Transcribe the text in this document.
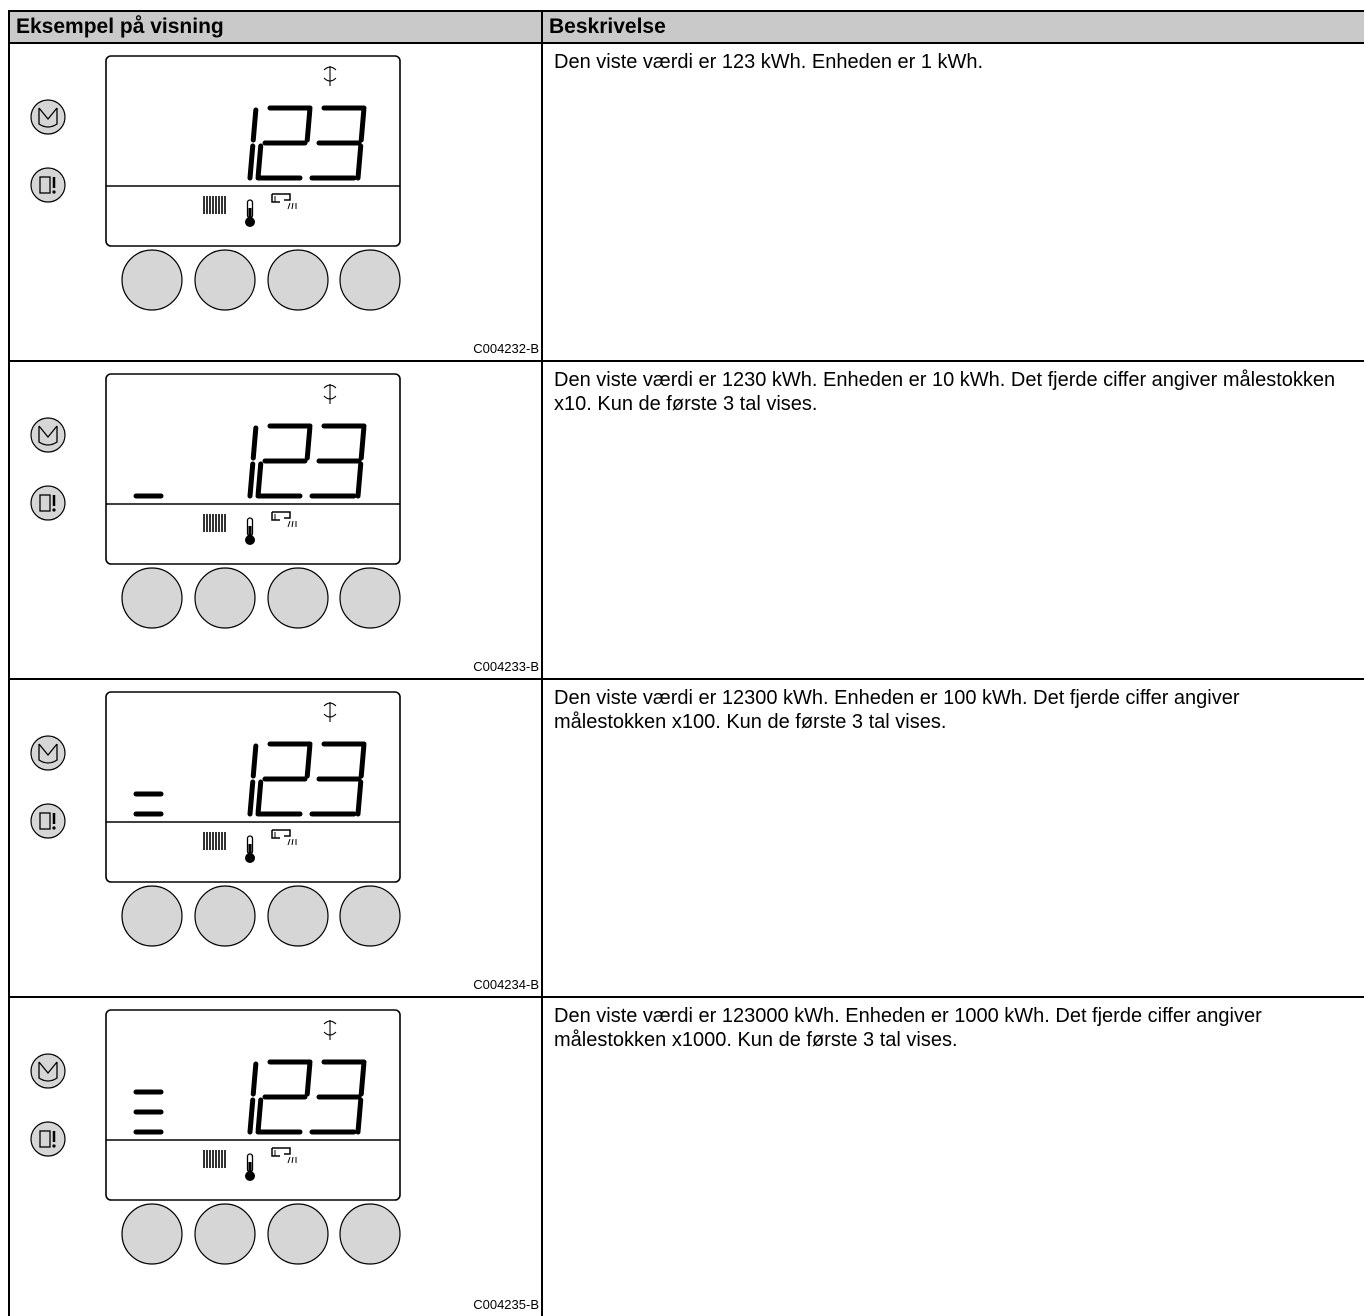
Eksempel på visning	Beskrivelse
C004232-B
Den viste værdi er 123 kWh. Enheden er 1 kWh.
C004233-B
Den viste værdi er 1230 kWh. Enheden er 10 kWh. Det fjerde ciffer angiver målestokken x10. Kun de første 3 tal vises.
C004234-B
Den viste værdi er 12300 kWh. Enheden er 100 kWh. Det fjerde ciffer angiver målestokken x100. Kun de første 3 tal vises.
C004235-B
Den viste værdi er 123000 kWh. Enheden er 1000 kWh. Det fjerde ciffer angiver målestokken x1000. Kun de første 3 tal vises.
